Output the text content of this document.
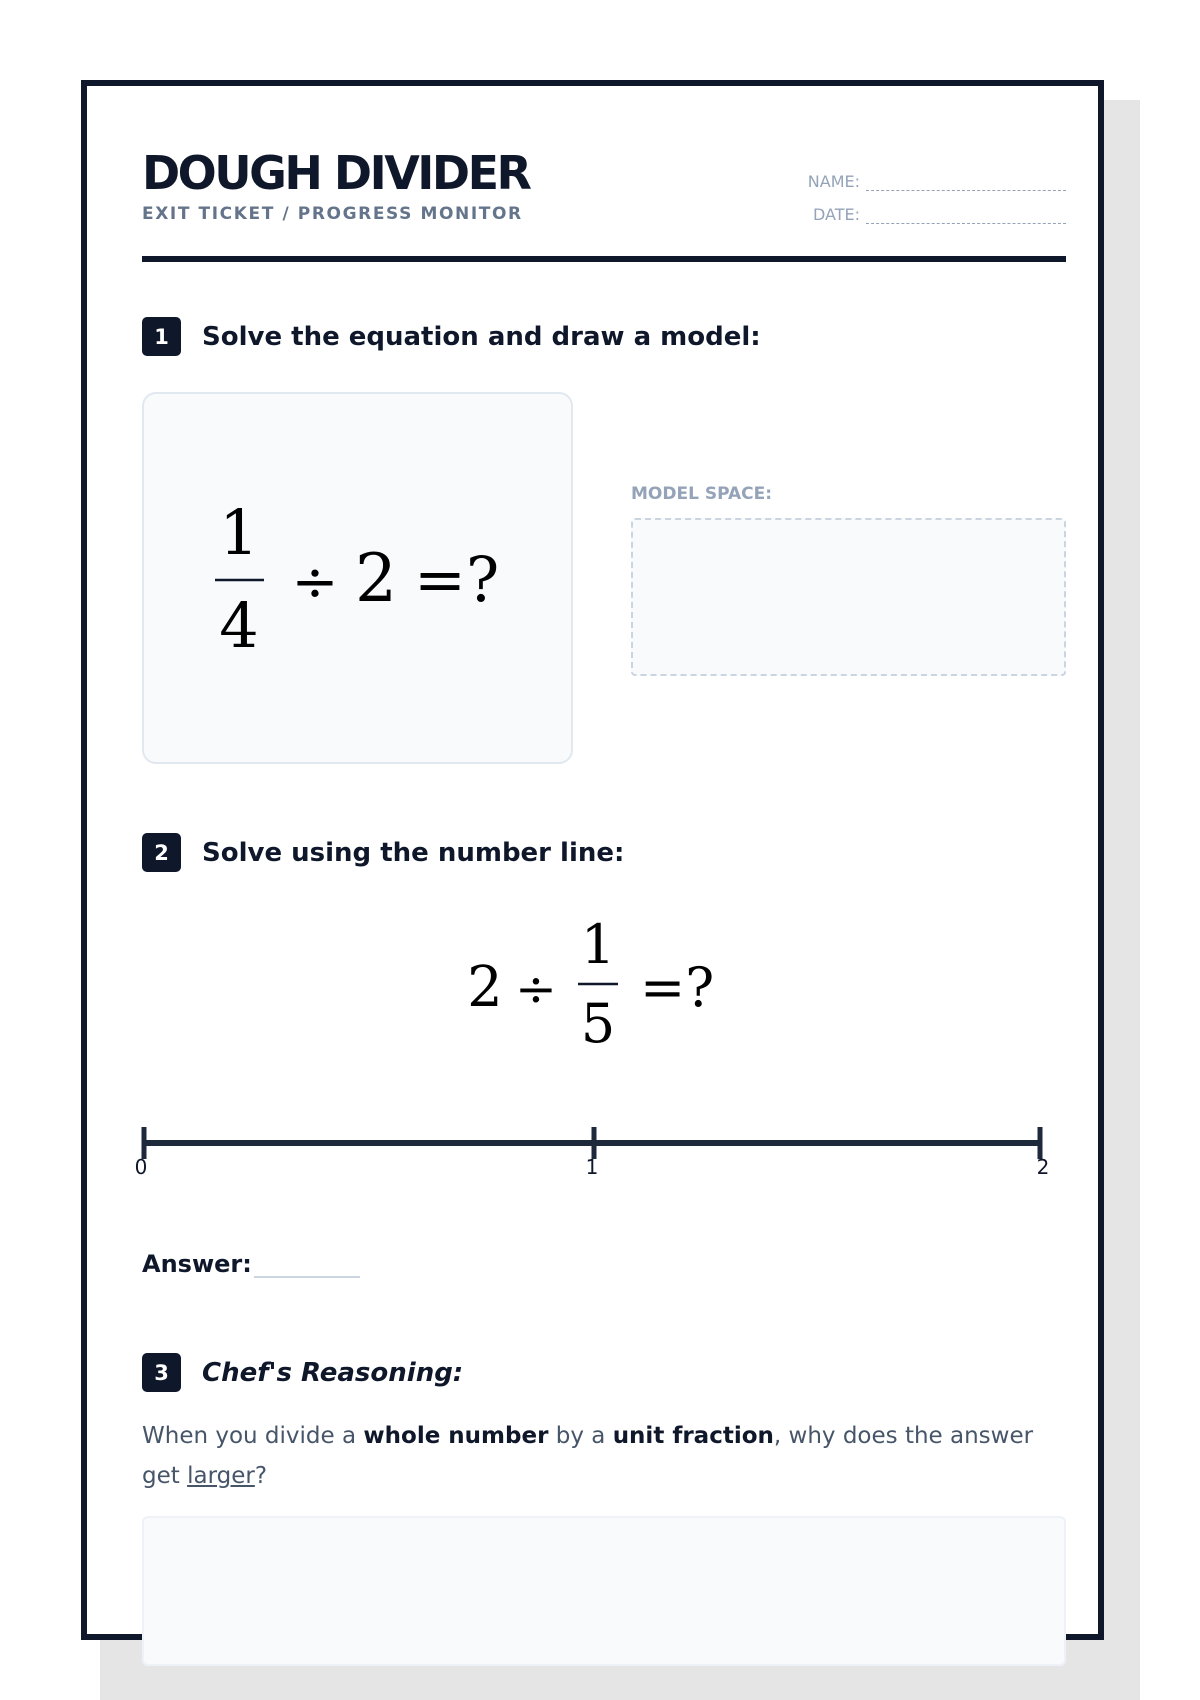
DOUGH DIVIDER
EXIT TICKET / PROGRESS MONITOR
NAME:
DATE:
1	Solve the equation and draw a model:
1
4
÷ 2 =?
MODEL SPACE:
2	Solve using the number line:
2 ÷
1
5
=?
0	1	2
Answer:
3	Chef's Reasoning:
When you divide a whole number by a unit fraction, why does the answer get larger?
